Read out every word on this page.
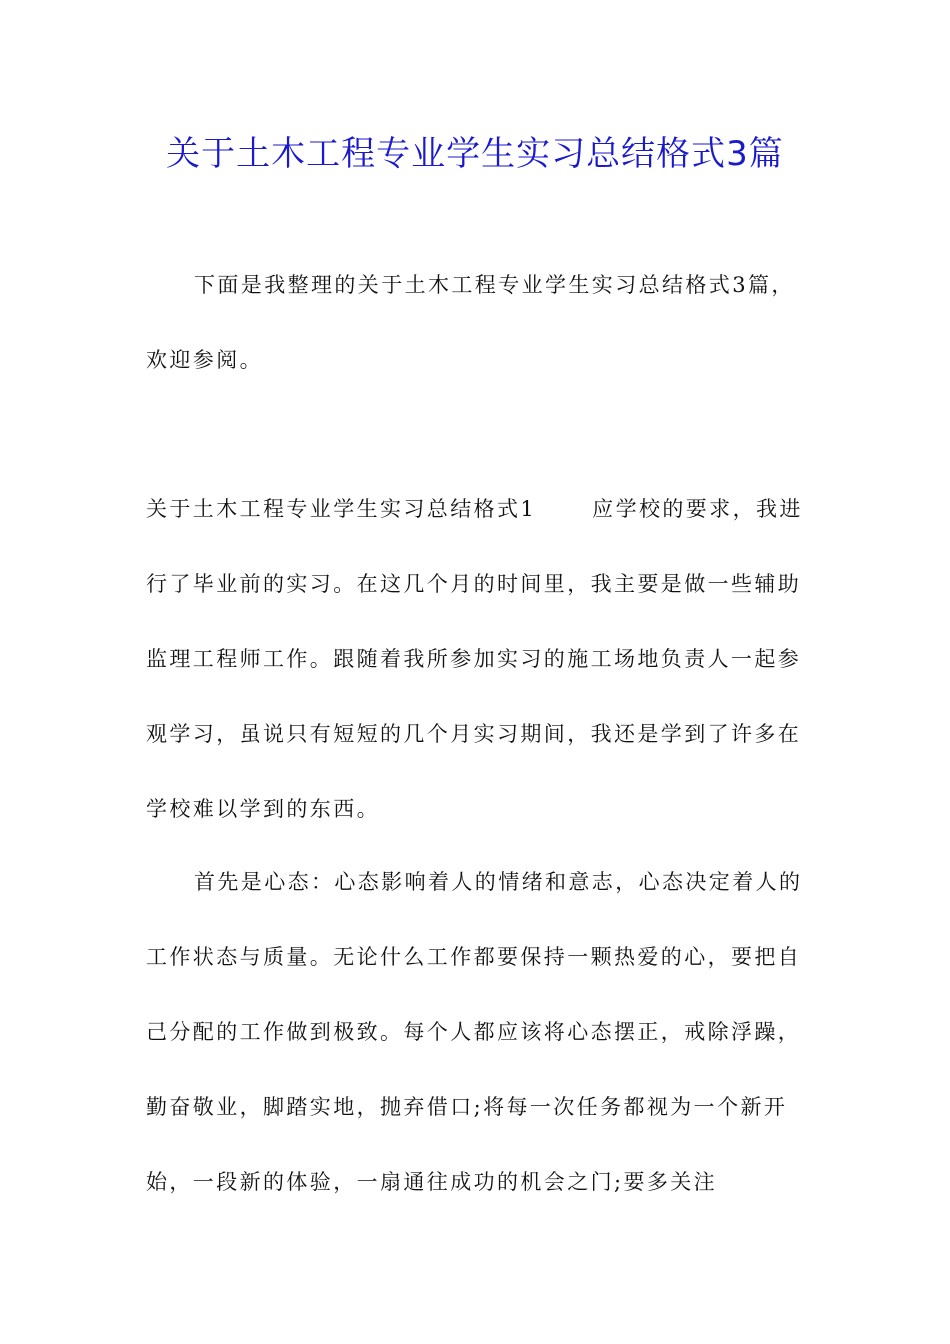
关于土木工程专业学生实习总结格式3篇

下面是我整理的关于土木工程专业学生实习总结格式3篇，欢迎参阅。

关于土木工程专业学生实习总结格式1	应学校的要求，我进行了毕业前的实习。在这几个月的时间里，我主要是做一些辅助监理工程师工作。跟随着我所参加实习的施工场地负责人一起参观学习，虽说只有短短的几个月实习期间，我还是学到了许多在学校难以学到的东西。

首先是心态：心态影响着人的情绪和意志，心态决定着人的工作状态与质量。无论什么工作都要保持一颗热爱的心，要把自己分配的工作做到极致。每个人都应该将心态摆正，戒除浮躁，勤奋敬业，脚踏实地，抛弃借口;将每一次任务都视为一个新开始，一段新的体验，一扇通往成功的机会之门;要多关注
